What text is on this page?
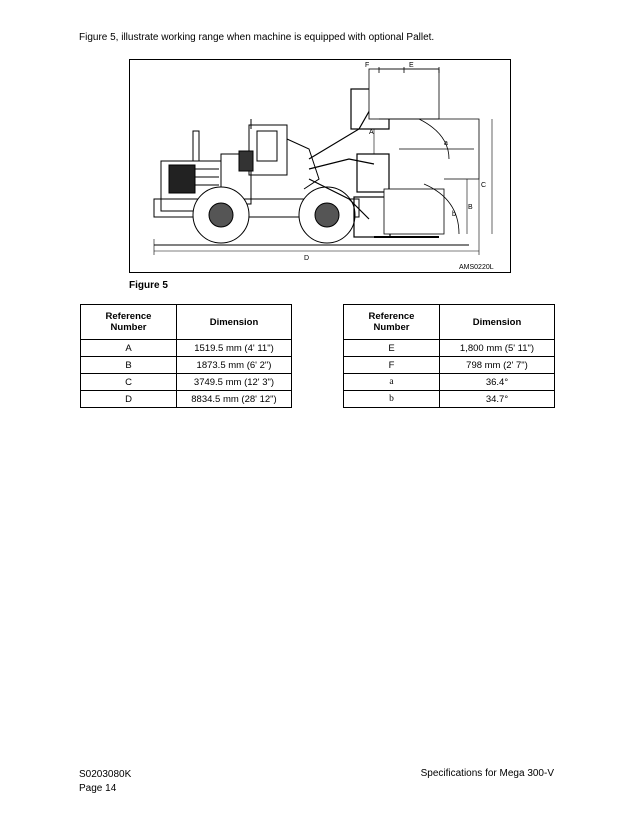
Figure 5, illustrate working range when machine is equipped with optional Pallet.
F	E
A
a
C
b
B
D
AMS0220L
Figure 5
Reference
Number	Dimension
A	1519.5 mm (4' 11")
B	1873.5 mm (6' 2")
C	3749.5 mm (12' 3")
D	8834.5 mm (28' 12")
Reference
Number	Dimension
E	1,800 mm (5' 11")
F	798 mm (2' 7")
a	36.4°
b	34.7°
S0203080K
Page 14
Specifications for Mega 300-V
